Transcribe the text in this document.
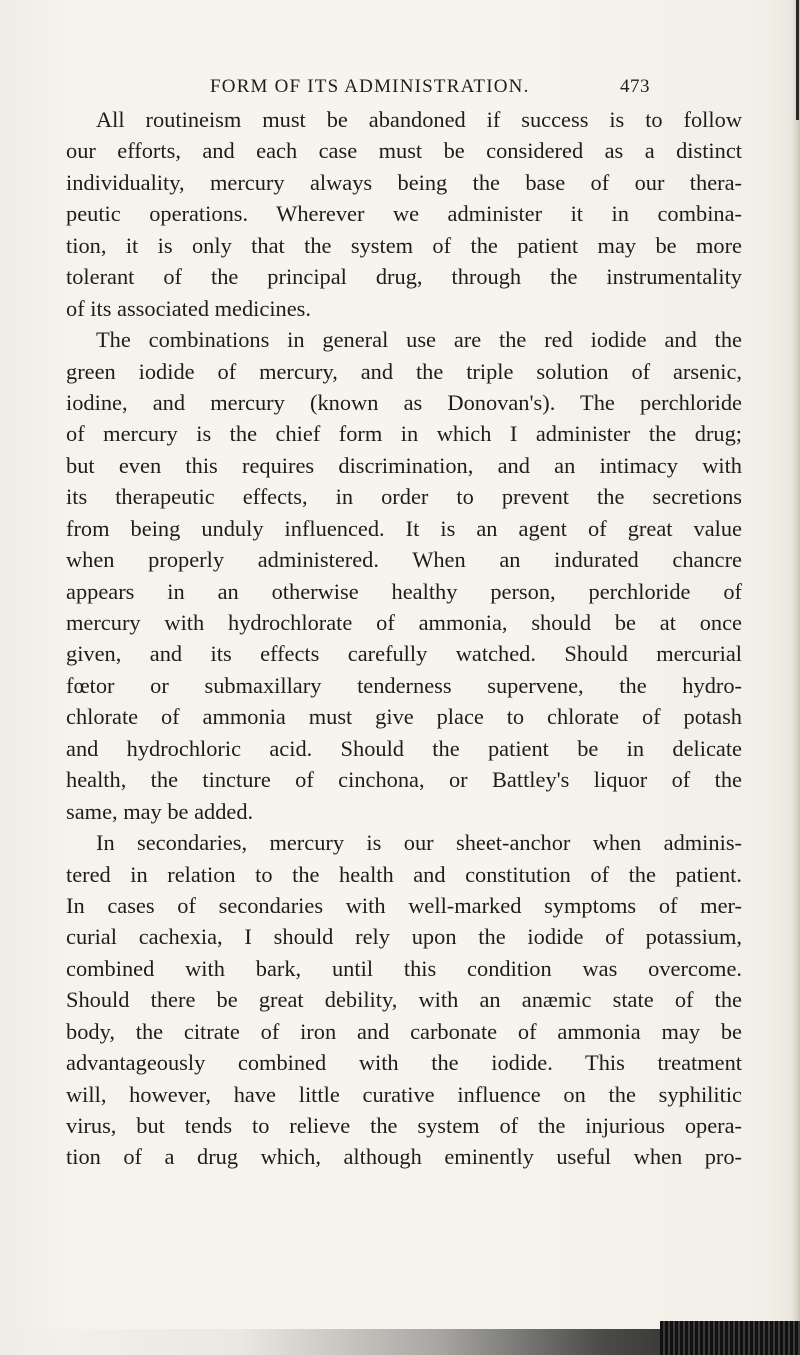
FORM OF ITS ADMINISTRATION.	473
All routineism must be abandoned if success is to follow
our efforts, and each case must be considered as a distinct
individuality, mercury always being the base of our thera-
peutic operations. Wherever we administer it in combina-
tion, it is only that the system of the patient may be more
tolerant of the principal drug, through the instrumentality
of its associated medicines.
The combinations in general use are the red iodide and the
green iodide of mercury, and the triple solution of arsenic,
iodine, and mercury (known as Donovan's). The perchloride
of mercury is the chief form in which I administer the drug;
but even this requires discrimination, and an intimacy with
its therapeutic effects, in order to prevent the secretions
from being unduly influenced. It is an agent of great value
when properly administered. When an indurated chancre
appears in an otherwise healthy person, perchloride of
mercury with hydrochlorate of ammonia, should be at once
given, and its effects carefully watched. Should mercurial
fœtor or submaxillary tenderness supervene, the hydro-
chlorate of ammonia must give place to chlorate of potash
and hydrochloric acid. Should the patient be in delicate
health, the tincture of cinchona, or Battley's liquor of the
same, may be added.
In secondaries, mercury is our sheet-anchor when adminis-
tered in relation to the health and constitution of the patient.
In cases of secondaries with well-marked symptoms of mer-
curial cachexia, I should rely upon the iodide of potassium,
combined with bark, until this condition was overcome.
Should there be great debility, with an anæmic state of the
body, the citrate of iron and carbonate of ammonia may be
advantageously combined with the iodide. This treatment
will, however, have little curative influence on the syphilitic
virus, but tends to relieve the system of the injurious opera-
tion of a drug which, although eminently useful when pro-
